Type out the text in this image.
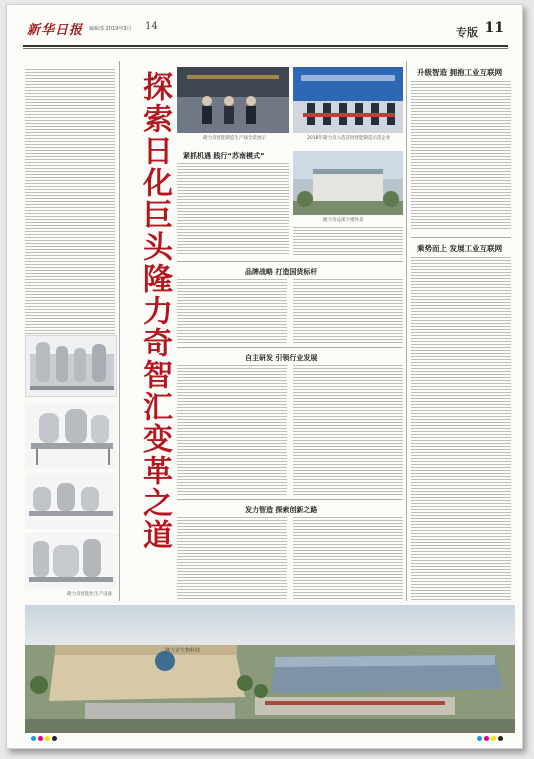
新华日报	编辑部 2019年3月 14	专版 11
隆力奇智能化生产设备
探索日化巨头隆力奇智汇变革之道	隆力奇智能制造生产线全景展示	2018年隆力奇入选首批智能制造示范企业
紧抓机遇 践行“苏南模式”
隆力奇总部大楼外景
品牌战略 打造国货标杆
自主研发 引领行业发展
发力智造 探索创新之路
升级智造 拥抱工业互联网
乘势而上 发展工业互联网
隆力奇生物科技
